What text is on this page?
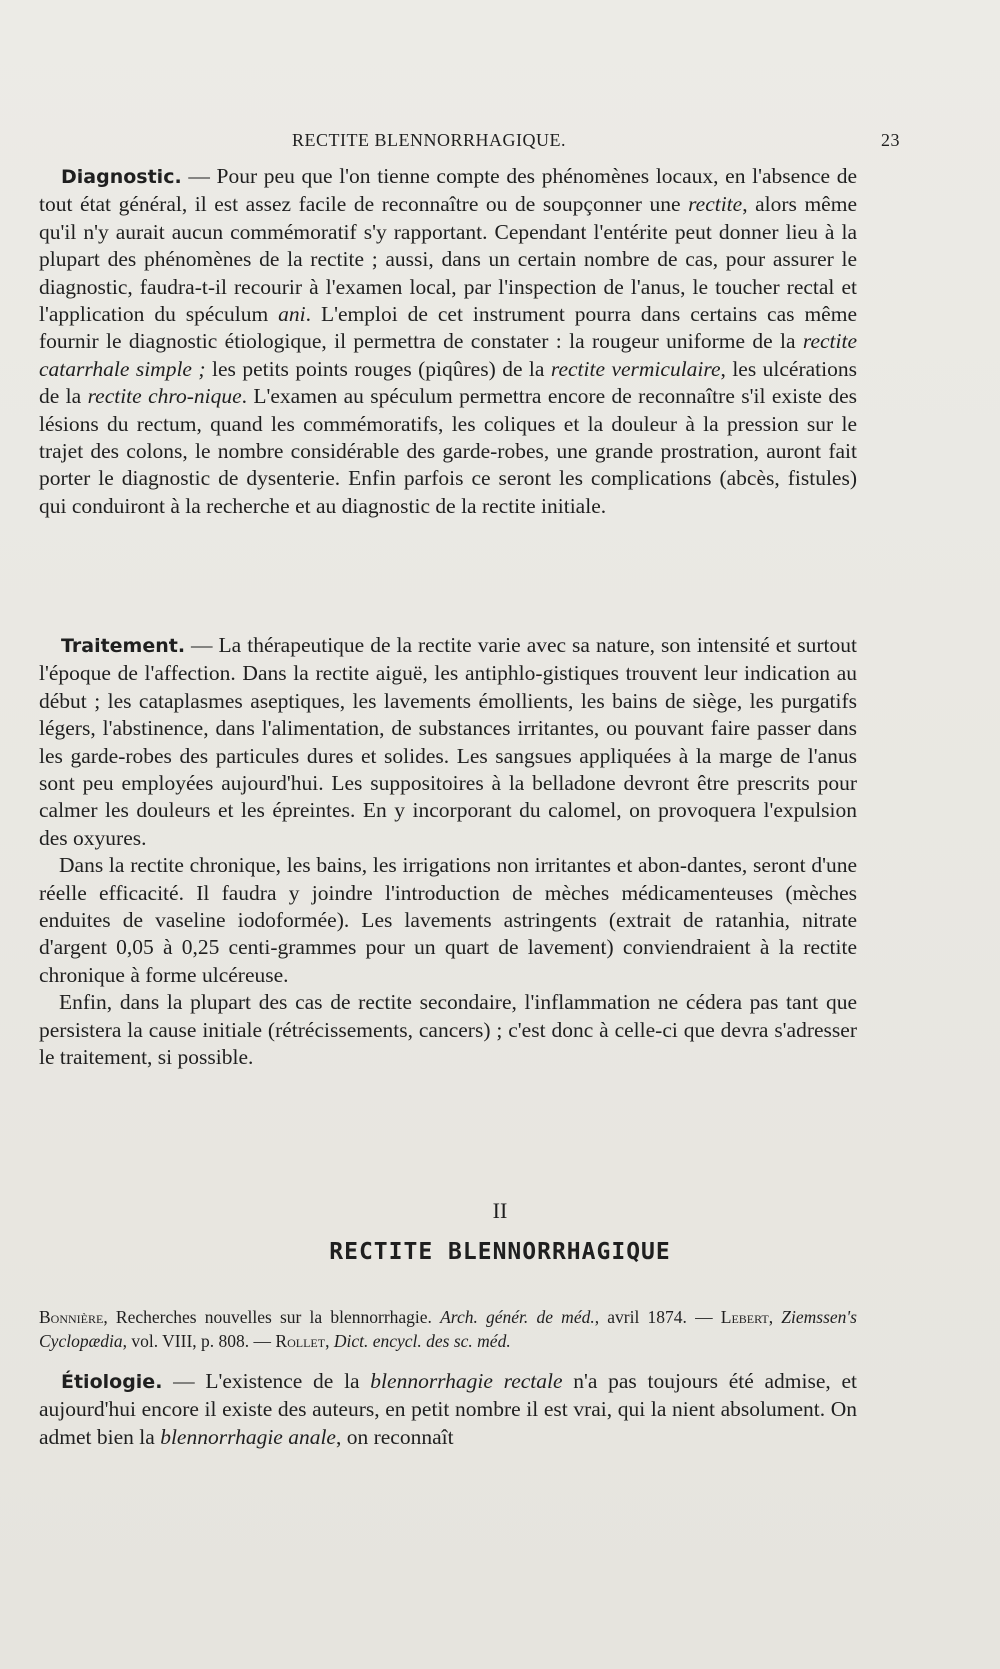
RECTITE BLENNORRHAGIQUE.	23

Diagnostic. — Pour peu que l'on tienne compte des phénomènes locaux, en l'absence de tout état général, il est assez facile de reconnaître ou de soupçonner une rectite, alors même qu'il n'y aurait aucun commémoratif s'y rapportant. Cependant l'entérite peut donner lieu à la plupart des phénomènes de la rectite ; aussi, dans un certain nombre de cas, pour assurer le diagnostic, faudra-t-il recourir à l'examen local, par l'inspection de l'anus, le toucher rectal et l'application du spéculum ani. L'emploi de cet instrument pourra dans certains cas même fournir le diagnostic étiologique, il permettra de constater : la rougeur uniforme de la rectite catarrhale simple ; les petits points rouges (piqûres) de la rectite vermiculaire, les ulcérations de la rectite chro-nique. L'examen au spéculum permettra encore de reconnaître s'il existe des lésions du rectum, quand les commémoratifs, les coliques et la douleur à la pression sur le trajet des colons, le nombre considérable des garde-robes, une grande prostration, auront fait porter le diagnostic de dysenterie. Enfin parfois ce seront les complications (abcès, fistules) qui conduiront à la recherche et au diagnostic de la rectite initiale.

Traitement. — La thérapeutique de la rectite varie avec sa nature, son intensité et surtout l'époque de l'affection. Dans la rectite aiguë, les antiphlo-gistiques trouvent leur indication au début ; les cataplasmes aseptiques, les lavements émollients, les bains de siège, les purgatifs légers, l'abstinence, dans l'alimentation, de substances irritantes, ou pouvant faire passer dans les garde-robes des particules dures et solides. Les sangsues appliquées à la marge de l'anus sont peu employées aujourd'hui. Les suppositoires à la belladone devront être prescrits pour calmer les douleurs et les épreintes. En y incorporant du calomel, on provoquera l'expulsion des oxyures.

Dans la rectite chronique, les bains, les irrigations non irritantes et abon-dantes, seront d'une réelle efficacité. Il faudra y joindre l'introduction de mèches médicamenteuses (mèches enduites de vaseline iodoformée). Les lavements astringents (extrait de ratanhia, nitrate d'argent 0,05 à 0,25 centi-grammes pour un quart de lavement) conviendraient à la rectite chronique à forme ulcéreuse.

Enfin, dans la plupart des cas de rectite secondaire, l'inflammation ne cédera pas tant que persistera la cause initiale (rétrécissements, cancers) ; c'est donc à celle-ci que devra s'adresser le traitement, si possible.

II
RECTITE BLENNORRHAGIQUE

Bonnière, Recherches nouvelles sur la blennorrhagie. Arch. génér. de méd., avril 1874. — Lebert, Ziemssen's Cyclopædia, vol. VIII, p. 808. — Rollet, Dict. encycl. des sc. méd.

Étiologie. — L'existence de la blennorrhagie rectale n'a pas toujours été admise, et aujourd'hui encore il existe des auteurs, en petit nombre il est vrai, qui la nient absolument. On admet bien la blennorrhagie anale, on reconnaît
